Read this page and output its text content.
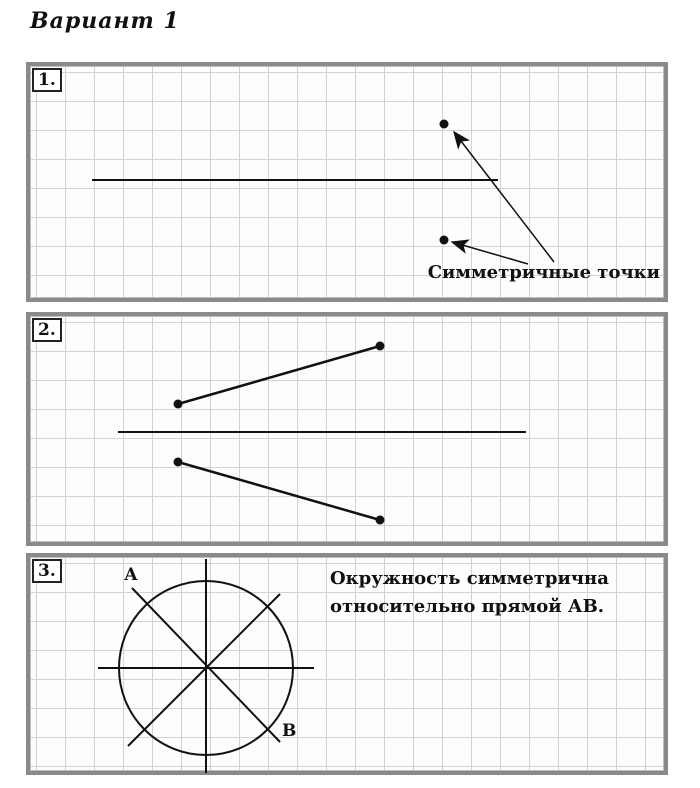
Вариант 1
1.
Симметричные точки
2.
3.	А
В
Окружность симметрична
относительно прямой АВ.
